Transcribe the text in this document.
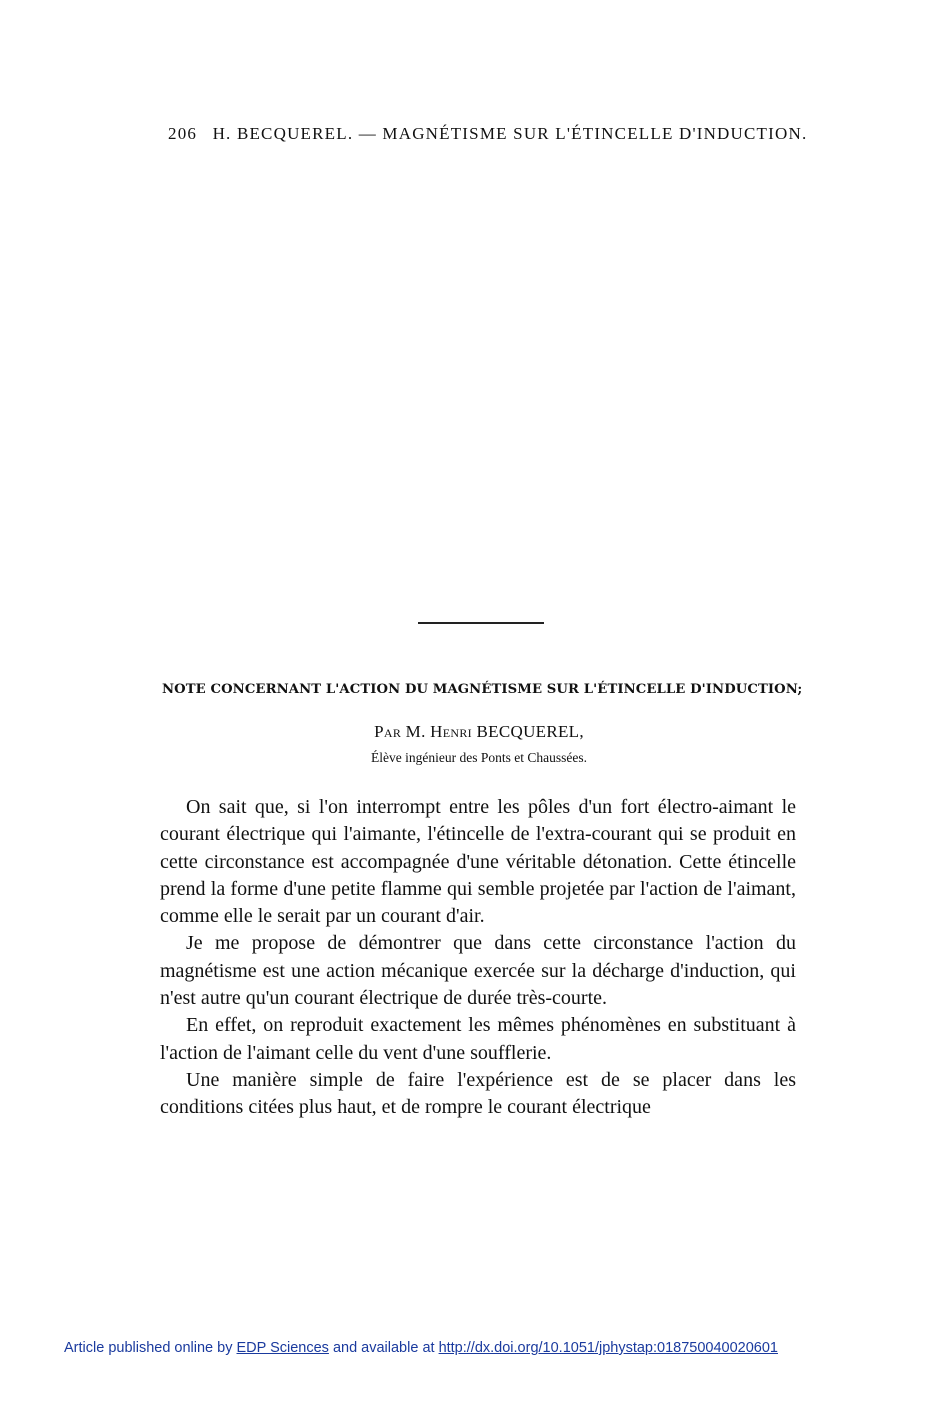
206 H. BECQUEREL. — MAGNÉTISME SUR L'ÉTINCELLE D'INDUCTION.
NOTE CONCERNANT L'ACTION DU MAGNÉTISME SUR L'ÉTINCELLE D'INDUCTION;
Par M. Henri BECQUEREL,
Élève ingénieur des Ponts et Chaussées.

On sait que, si l'on interrompt entre les pôles d'un fort électro-aimant le courant électrique qui l'aimante, l'étincelle de l'extra-courant qui se produit en cette circonstance est accompagnée d'une véritable détonation. Cette étincelle prend la forme d'une petite flamme qui semble projetée par l'action de l'aimant, comme elle le serait par un courant d'air.

Je me propose de démontrer que dans cette circonstance l'action du magnétisme est une action mécanique exercée sur la décharge d'induction, qui n'est autre qu'un courant électrique de durée très-courte.

En effet, on reproduit exactement les mêmes phénomènes en substituant à l'action de l'aimant celle du vent d'une soufflerie.

Une manière simple de faire l'expérience est de se placer dans les conditions citées plus haut, et de rompre le courant électrique

Article published online by EDP Sciences and available at http://dx.doi.org/10.1051/jphystap:018750040020601
